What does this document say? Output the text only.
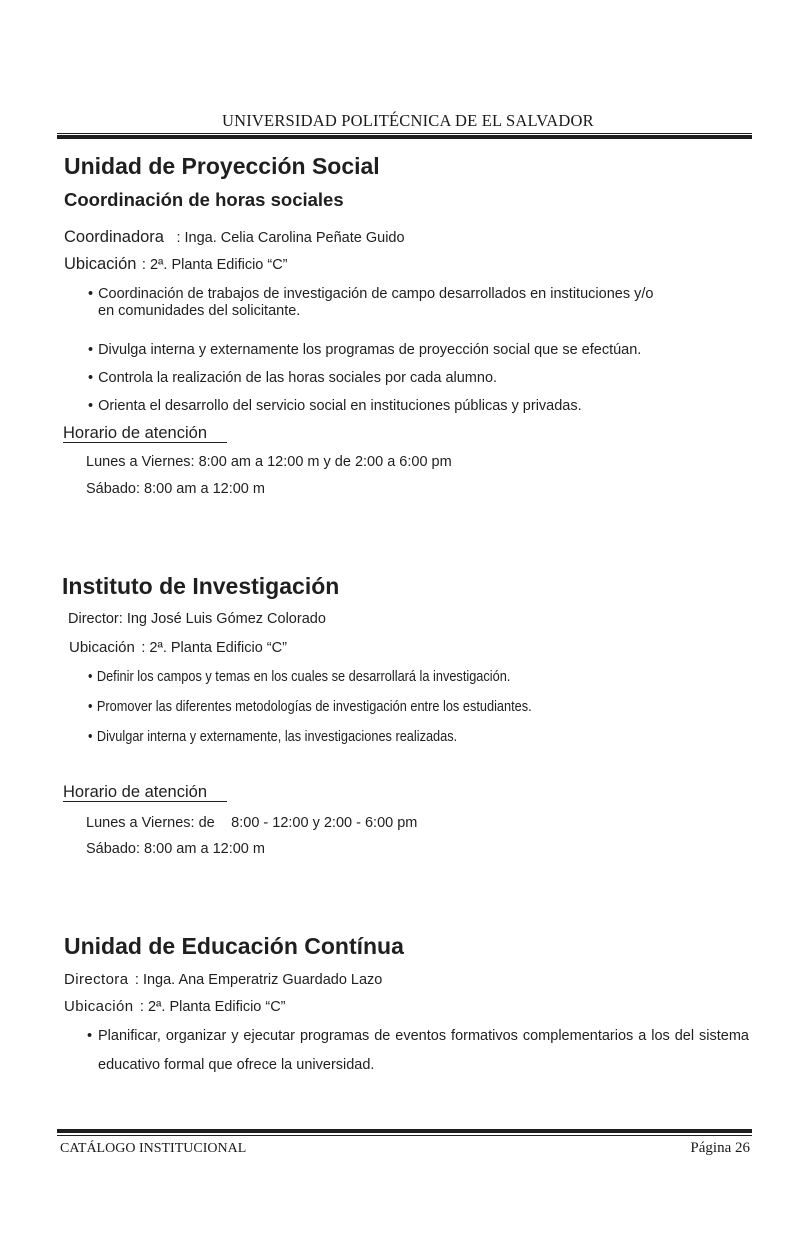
UNIVERSIDAD POLITÉCNICA DE EL SALVADOR
Unidad de Proyección Social
Coordinación de horas sociales
Coordinadora : Inga. Celia Carolina Peñate Guido
Ubicación : 2ª. Planta Edificio “C”
• Coordinación de trabajos de investigación de campo desarrollados en instituciones y/o
en comunidades del solicitante.
• Divulga interna y externamente los programas de proyección social que se efectúan.
• Controla la realización de las horas sociales por cada alumno.
• Orienta el desarrollo del servicio social en instituciones públicas y privadas.
Horario de atención
Lunes a Viernes: 8:00 am a 12:00 m y de 2:00 a 6:00 pm
Sábado: 8:00 am a 12:00 m
Instituto de Investigación
Director: Ing José Luis Gómez Colorado
Ubicación : 2ª. Planta Edificio “C”
• Definir los campos y temas en los cuales se desarrollará la investigación.
• Promover las diferentes metodologías de investigación entre los estudiantes.
• Divulgar interna y externamente, las investigaciones realizadas.
Horario de atención
Lunes a Viernes: de 8:00 - 12:00 y 2:00 - 6:00 pm
Sábado: 8:00 am a 12:00 m
Unidad de Educación Contínua
Directora : Inga. Ana Emperatriz Guardado Lazo
Ubicación : 2ª. Planta Edificio “C”
• Planificar, organizar y ejecutar programas de eventos formativos complementarios a los del sistema educativo formal que ofrece la universidad.
CATÁLOGO INSTITUCIONAL	Página 26
